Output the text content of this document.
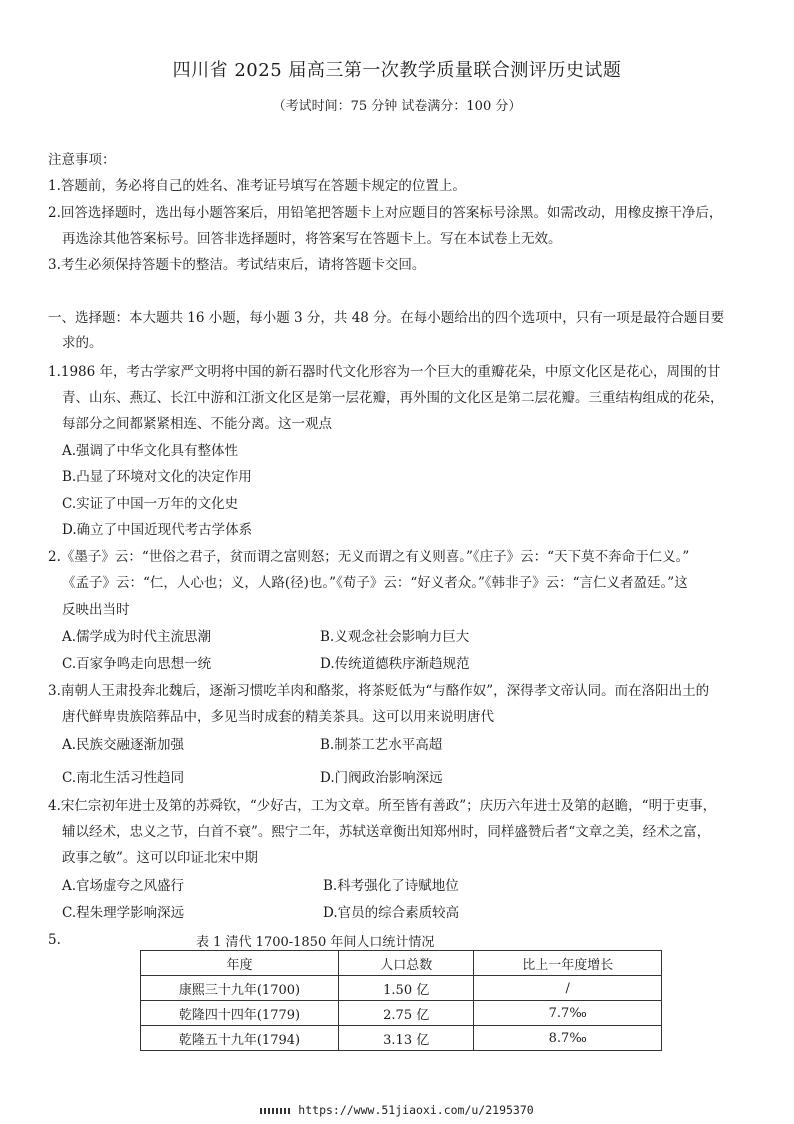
四川省 2025 届高三第一次教学质量联合测评历史试题
（考试时间：75 分钟 试卷满分：100 分）
注意事项：
1.答题前，务必将自己的姓名、准考证号填写在答题卡规定的位置上。
2.回答选择题时，选出每小题答案后，用铅笔把答题卡上对应题目的答案标号涂黑。如需改动，用橡皮擦干净后，
再选涂其他答案标号。回答非选择题时，将答案写在答题卡上。写在本试卷上无效。
3.考生必须保持答题卡的整洁。考试结束后，请将答题卡交回。
一、选择题：本大题共 16 小题，每小题 3 分，共 48 分。在每小题给出的四个选项中，只有一项是最符合题目要
求的。
1.1986 年，考古学家严文明将中国的新石器时代文化形容为一个巨大的重瓣花朵，中原文化区是花心，周围的甘
青、山东、燕辽、长江中游和江浙文化区是第一层花瓣，再外围的文化区是第二层花瓣。三重结构组成的花朵，
每部分之间都紧紧相连、不能分离。这一观点
A.强调了中华文化具有整体性
B.凸显了环境对文化的决定作用
C.实证了中国一万年的文化史
D.确立了中国近现代考古学体系
2.《墨子》云：“世俗之君子，贫而谓之富则怒；无义而谓之有义则喜。”《庄子》云：“天下莫不奔命于仁义。”
《孟子》云：“仁，人心也；义，人路(径)也。”《荀子》云：“好义者众。”《韩非子》云：“言仁义者盈廷。”这
反映出当时
A.儒学成为时代主流思潮	B.义观念社会影响力巨大
C.百家争鸣走向思想一统	D.传统道德秩序渐趋规范
3.南朝人王肃投奔北魏后，逐渐习惯吃羊肉和酪浆，将茶贬低为“与酪作奴”，深得孝文帝认同。而在洛阳出土的
唐代鲜卑贵族陪葬品中，多见当时成套的精美茶具。这可以用来说明唐代
A.民族交融逐渐加强	B.制茶工艺水平高超
C.南北生活习性趋同	D.门阀政治影响深远
4.宋仁宗初年进士及第的苏舜钦，“少好古，工为文章。所至皆有善政”；庆历六年进士及第的赵瞻，“明于吏事，
辅以经术，忠义之节，白首不衰”。熙宁二年，苏轼送章衡出知郑州时，同样盛赞后者“文章之美，经术之富，
政事之敏”。这可以印证北宋中期
A.官场虚夸之风盛行	B.科考强化了诗赋地位
C.程朱理学影响深远	D.官员的综合素质较高
5.	表 1 清代 1700-1850 年间人口统计情况
年度	人口总数	比上一年度增长
康熙三十九年(1700)	1.50 亿	/
乾隆四十四年(1779)	2.75 亿	7.7‰
乾隆五十九年(1794)	3.13 亿	8.7‰
https://www.51jiaoxi.com/u/2195370
